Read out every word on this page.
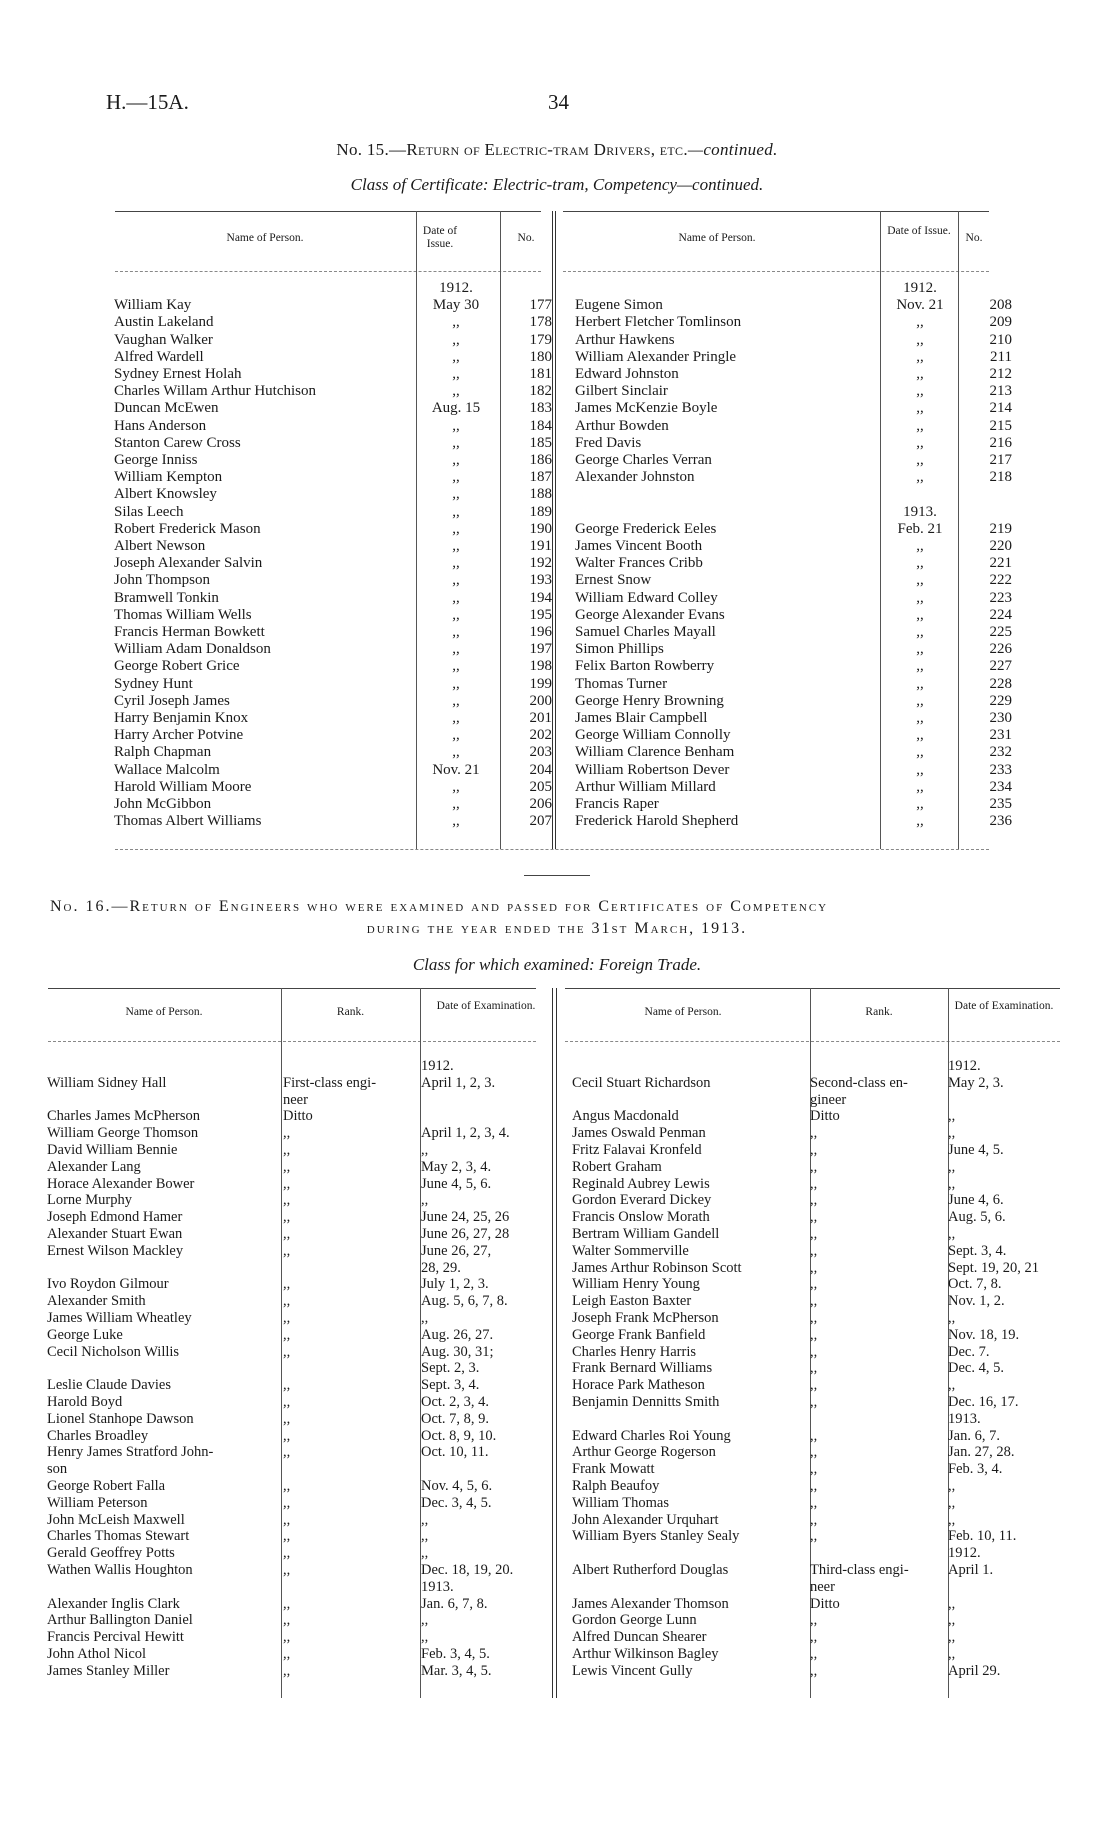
H.—15A.	34
No. 15.—Return of Electric-tram Drivers, etc.—continued.
Class of Certificate: Electric-tram, Competency—continued.
Name of Person.
Date of Issue.	No.	Name of Person.
Date of Issue.
No.
	1912.	
William Kay	May 30	177
Austin Lakeland	,,	178
Vaughan Walker	,,	179
Alfred Wardell	,,	180
Sydney Ernest Holah	,,	181
Charles Willam Arthur Hutchison	,,	182
Duncan McEwen	Aug. 15	183
Hans Anderson	,,	184
Stanton Carew Cross	,,	185
George Inniss	,,	186
William Kempton	,,	187
Albert Knowsley	,,	188
Silas Leech	,,	189
Robert Frederick Mason	,,	190
Albert Newson	,,	191
Joseph Alexander Salvin	,,	192
John Thompson	,,	193
Bramwell Tonkin	,,	194
Thomas William Wells	,,	195
Francis Herman Bowkett	,,	196
William Adam Donaldson	,,	197
George Robert Grice	,,	198
Sydney Hunt	,,	199
Cyril Joseph James	,,	200
Harry Benjamin Knox	,,	201
Harry Archer Potvine	,,	202
Ralph Chapman	,,	203
Wallace Malcolm	Nov. 21	204
Harold William Moore	,,	205
John McGibbon	,,	206
Thomas Albert Williams	,,	207
	1912.	
Eugene Simon	Nov. 21	208
Herbert Fletcher Tomlinson	,,	209
Arthur Hawkens	,,	210
William Alexander Pringle	,,	211
Edward Johnston	,,	212
Gilbert Sinclair	,,	213
James McKenzie Boyle	,,	214
Arthur Bowden	,,	215
Fred Davis	,,	216
George Charles Verran	,,	217
Alexander Johnston	,,	218

	1913.	
George Frederick Eeles	Feb. 21	219
James Vincent Booth	,,	220
Walter Frances Cribb	,,	221
Ernest Snow	,,	222
William Edward Colley	,,	223
George Alexander Evans	,,	224
Samuel Charles Mayall	,,	225
Simon Phillips	,,	226
Felix Barton Rowberry	,,	227
Thomas Turner	,,	228
George Henry Browning	,,	229
James Blair Campbell	,,	230
George William Connolly	,,	231
William Clarence Benham	,,	232
William Robertson Dever	,,	233
Arthur William Millard	,,	234
Francis Raper	,,	235
Frederick Harold Shepherd	,,	236
No. 16.—Return of Engineers who were examined and passed for Certificates of Competency
during the year ended the 31st March, 1913.
Class for which examined: Foreign Trade.
Name of Person.	Rank.	Date of Examination.	Name of Person.	Rank.	Date of Examination.
				1912.
William Sidney Hall		First-class engi-		April 1, 2, 3.
		neer		
Charles James McPherson		Ditto		
William George Thomson		,,		April 1, 2, 3, 4.
David William Bennie		,,		,,
Alexander Lang		,,		May 2, 3, 4.
Horace Alexander Bower		,,		June 4, 5, 6.
Lorne Murphy		,,		,,
Joseph Edmond Hamer		,,		June 24, 25, 26
Alexander Stuart Ewan		,,		June 26, 27, 28
Ernest Wilson Mackley		,,		June 26, 27,
				28, 29.
Ivo Roydon Gilmour		,,		July 1, 2, 3.
Alexander Smith		,,		Aug. 5, 6, 7, 8.
James William Wheatley		,,		,,
George Luke		,,		Aug. 26, 27.
Cecil Nicholson Willis		,,		Aug. 30, 31;
				Sept. 2, 3.
Leslie Claude Davies		,,		Sept. 3, 4.
Harold Boyd		,,		Oct. 2, 3, 4.
Lionel Stanhope Dawson		,,		Oct. 7, 8, 9.
Charles Broadley		,,		Oct. 8, 9, 10.
Henry James Stratford John-		,,		Oct. 10, 11.
son				
George Robert Falla		,,		Nov. 4, 5, 6.
William Peterson		,,		Dec. 3, 4, 5.
John McLeish Maxwell		,,		,,
Charles Thomas Stewart		,,		,,
Gerald Geoffrey Potts		,,		,,
Wathen Wallis Houghton		,,		Dec. 18, 19, 20.
				1913.
Alexander Inglis Clark		,,		Jan. 6, 7, 8.
Arthur Ballington Daniel		,,		,,
Francis Percival Hewitt		,,		,,
John Athol Nicol		,,		Feb. 3, 4, 5.
James Stanley Miller		,,		Mar. 3, 4, 5.
				1912.
Cecil Stuart Richardson		Second-class en-		May 2, 3.
		gineer		
Angus Macdonald		Ditto		,,
James Oswald Penman		,,		,,
Fritz Falavai Kronfeld		,,		June 4, 5.
Robert Graham		,,		,,
Reginald Aubrey Lewis		,,		,,
Gordon Everard Dickey		,,		June 4, 6.
Francis Onslow Morath		,,		Aug. 5, 6.
Bertram William Gandell		,,		,,
Walter Sommerville		,,		Sept. 3, 4.
James Arthur Robinson Scott		,,		Sept. 19, 20, 21
William Henry Young		,,		Oct. 7, 8.
Leigh Easton Baxter		,,		Nov. 1, 2.
Joseph Frank McPherson		,,		,,
George Frank Banfield		,,		Nov. 18, 19.
Charles Henry Harris		,,		Dec. 7.
Frank Bernard Williams		,,		Dec. 4, 5.
Horace Park Matheson		,,		,,
Benjamin Dennitts Smith		,,		Dec. 16, 17.
				1913.
Edward Charles Roi Young		,,		Jan. 6, 7.
Arthur George Rogerson		,,		Jan. 27, 28.
Frank Mowatt		,,		Feb. 3, 4.
Ralph Beaufoy		,,		,,
William Thomas		,,		,,
John Alexander Urquhart		,,		,,
William Byers Stanley Sealy		,,		Feb. 10, 11.
				1912.
Albert Rutherford Douglas		Third-class engi-		April 1.
		neer		
James Alexander Thomson		Ditto		,,
Gordon George Lunn		,,		,,
Alfred Duncan Shearer		,,		,,
Arthur Wilkinson Bagley		,,		,,
Lewis Vincent Gully		,,		April 29.
